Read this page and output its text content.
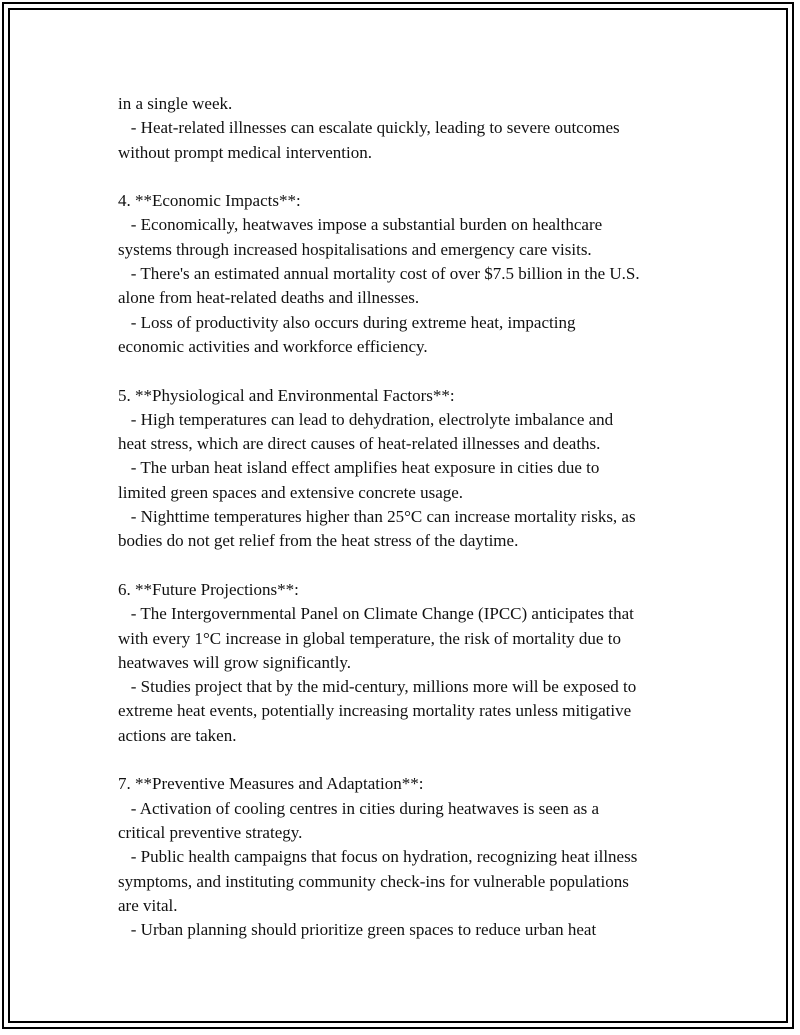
in a single week.
- Heat-related illnesses can escalate quickly, leading to severe outcomes
without prompt medical intervention.
4. **Economic Impacts**:
- Economically, heatwaves impose a substantial burden on healthcare
systems through increased hospitalisations and emergency care visits.
- There's an estimated annual mortality cost of over $7.5 billion in the U.S.
alone from heat-related deaths and illnesses.
- Loss of productivity also occurs during extreme heat, impacting
economic activities and workforce efficiency.
5. **Physiological and Environmental Factors**:
- High temperatures can lead to dehydration, electrolyte imbalance and
heat stress, which are direct causes of heat-related illnesses and deaths.
- The urban heat island effect amplifies heat exposure in cities due to
limited green spaces and extensive concrete usage.
- Nighttime temperatures higher than 25°C can increase mortality risks, as
bodies do not get relief from the heat stress of the daytime.
6. **Future Projections**:
- The Intergovernmental Panel on Climate Change (IPCC) anticipates that
with every 1°C increase in global temperature, the risk of mortality due to
heatwaves will grow significantly.
- Studies project that by the mid-century, millions more will be exposed to
extreme heat events, potentially increasing mortality rates unless mitigative
actions are taken.
7. **Preventive Measures and Adaptation**:
- Activation of cooling centres in cities during heatwaves is seen as a
critical preventive strategy.
- Public health campaigns that focus on hydration, recognizing heat illness
symptoms, and instituting community check-ins for vulnerable populations
are vital.
- Urban planning should prioritize green spaces to reduce urban heat
